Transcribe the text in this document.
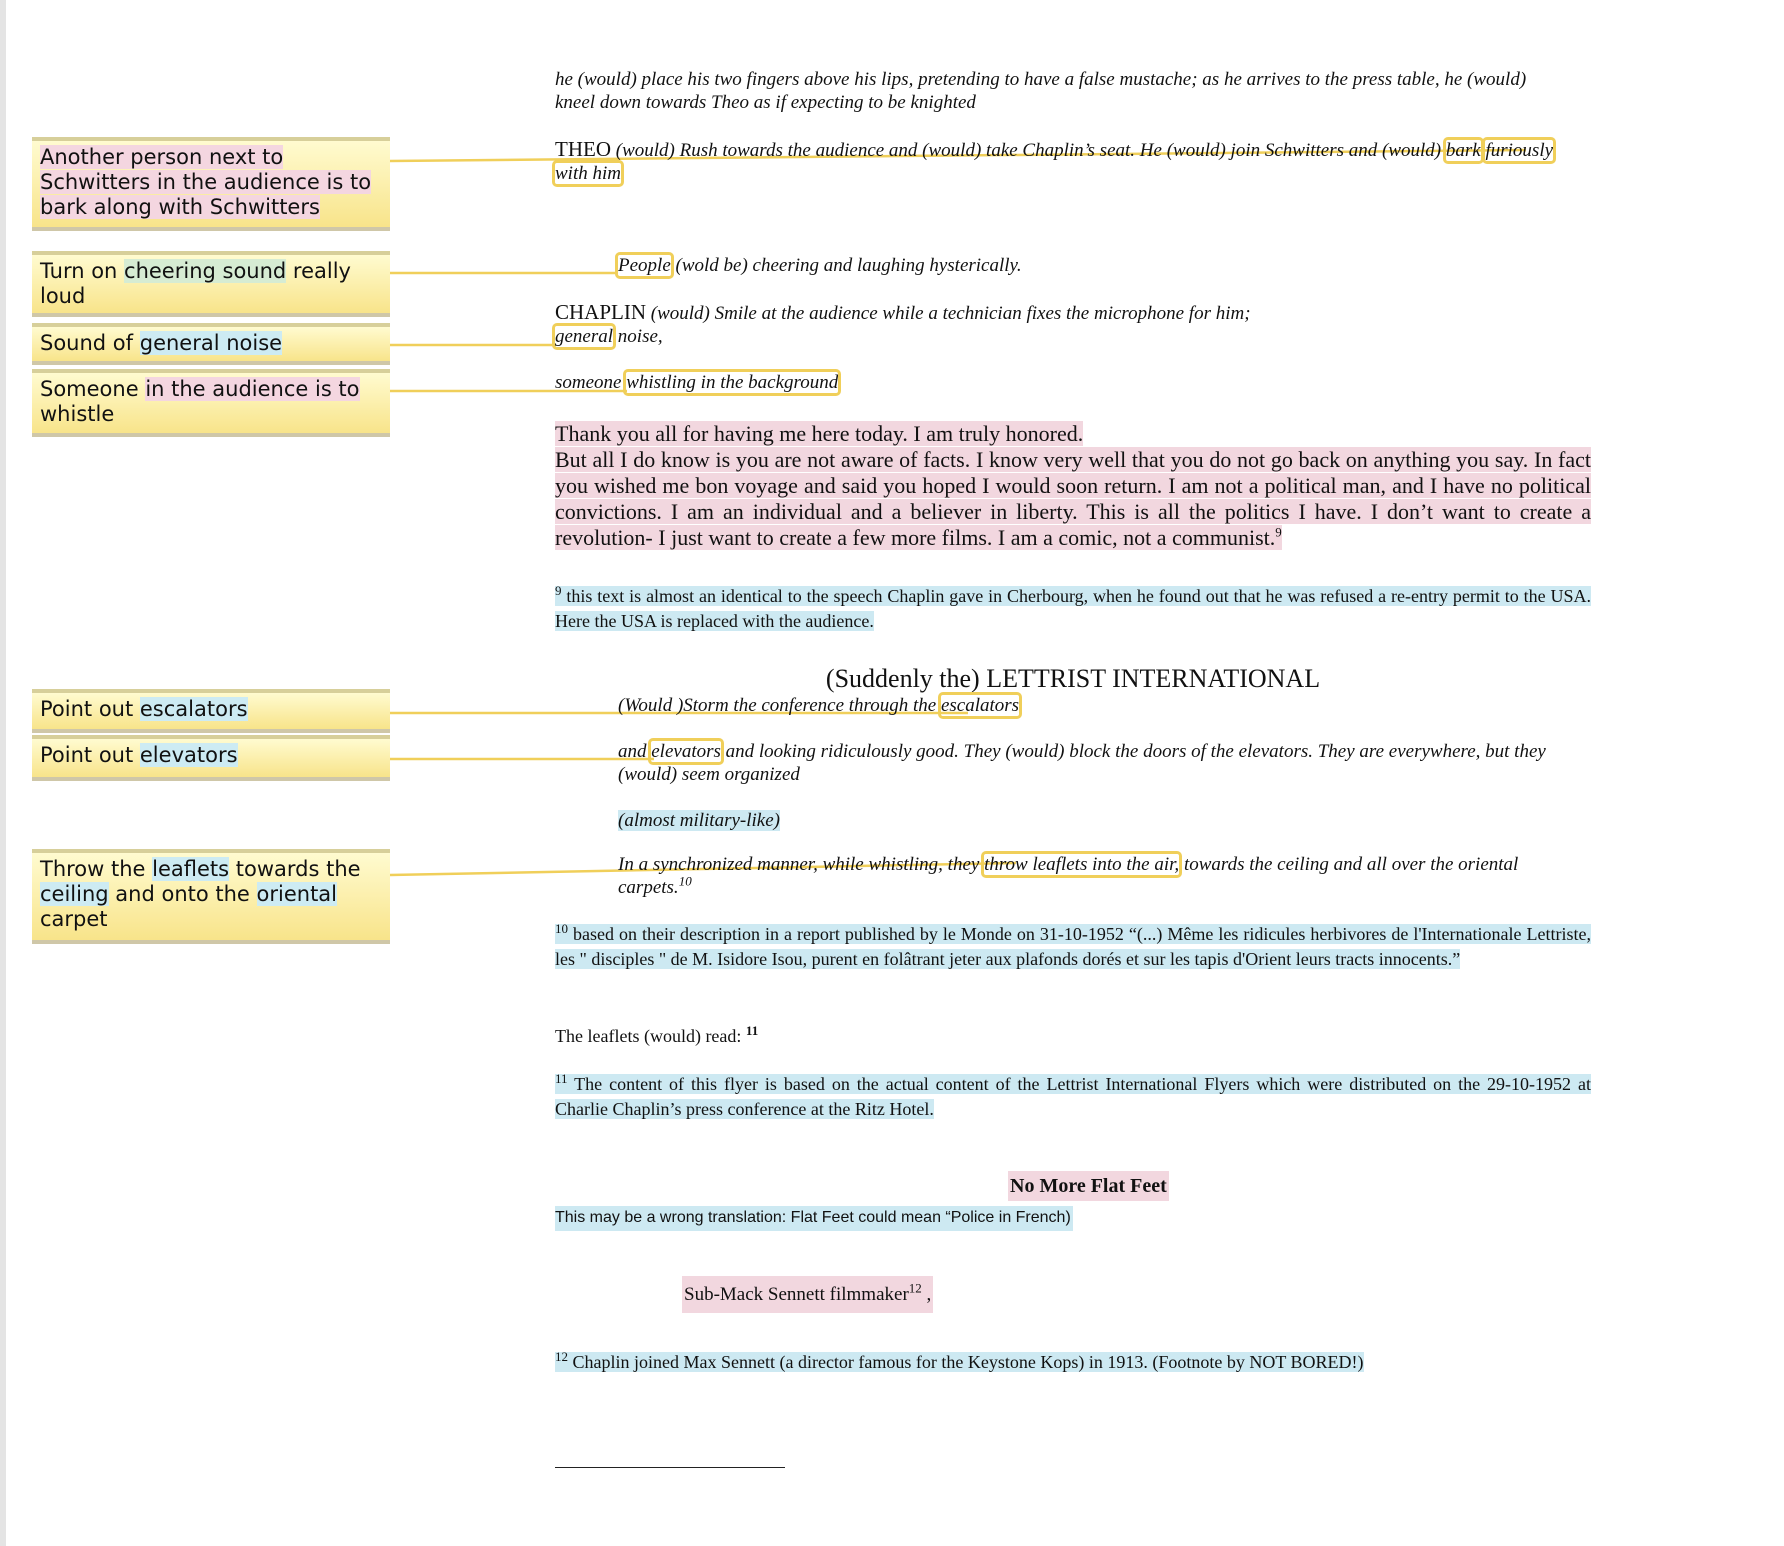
Another person next to Schwitters in the audience is to bark along with Schwitters
Turn on cheering sound really loud
Sound of general noise
Someone in the audience is to whistle
Point out escalators
Point out elevators
Throw the leaflets towards the ceiling and onto the oriental carpet

he (would) place his two fingers above his lips, pretending to have a false mustache; as he arrives to the press table, he (would) kneel down towards Theo as if expecting to be knighted

THEO (would) Rush towards the audience and (would) take Chaplin’s seat. He (would) join Schwitters and (would) bark furiously with him.

People (wold be) cheering and laughing hysterically.

CHAPLIN (would) Smile at the audience while a technician fixes the microphone for him;
general noise,

someone whistling in the background

Thank you all for having me here today. I am truly honored.
But all I do know is you are not aware of facts. I know very well that you do not go back on anything you say. In fact you wished me bon voyage and said you hoped I would soon return. I am not a political man, and I have no political convictions. I am an individual and a believer in liberty. This is all the politics I have. I don’t want to create a revolution- I just want to create a few more films. I am a comic, not a communist.$^9$

$^9$ this text is almost an identical to the speech Chaplin gave in Cherbourg, when he found out that he was refused a re-entry permit to the USA. Here the USA is replaced with the audience.

(Suddenly the) LETTRIST INTERNATIONAL

(Would )Storm the conference through the escalators

and elevators and looking ridiculously good. They (would) block the doors of the elevators. They are everywhere, but they (would) seem organized

(almost military-like)

In a synchronized manner, while whistling, they throw leaflets into the air, towards the ceiling and all over the oriental carpets.$^{10}$

$^{10}$ based on their description in a report published by le Monde on 31-10-1952 “(...) Même les ridicules herbivores de l'Internationale Lettriste, les " disciples " de M. Isidore Isou, purent en folâtrant jeter aux plafonds dorés et sur les tapis d'Orient leurs tracts innocents.”

The leaflets (would) read: $^{11}$

$^{11}$ The content of this flyer is based on the actual content of the Lettrist International Flyers which were distributed on the 29-10-1952 at Charlie Chaplin’s press conference at the Ritz Hotel.

No More Flat Feet

This may be a wrong translation: Flat Feet could mean “Police in French)

Sub-Mack Sennett filmmaker$^{12}$ ,

$^{12}$ Chaplin joined Max Sennett (a director famous for the Keystone Kops) in 1913. (Footnote by NOT BORED!)
